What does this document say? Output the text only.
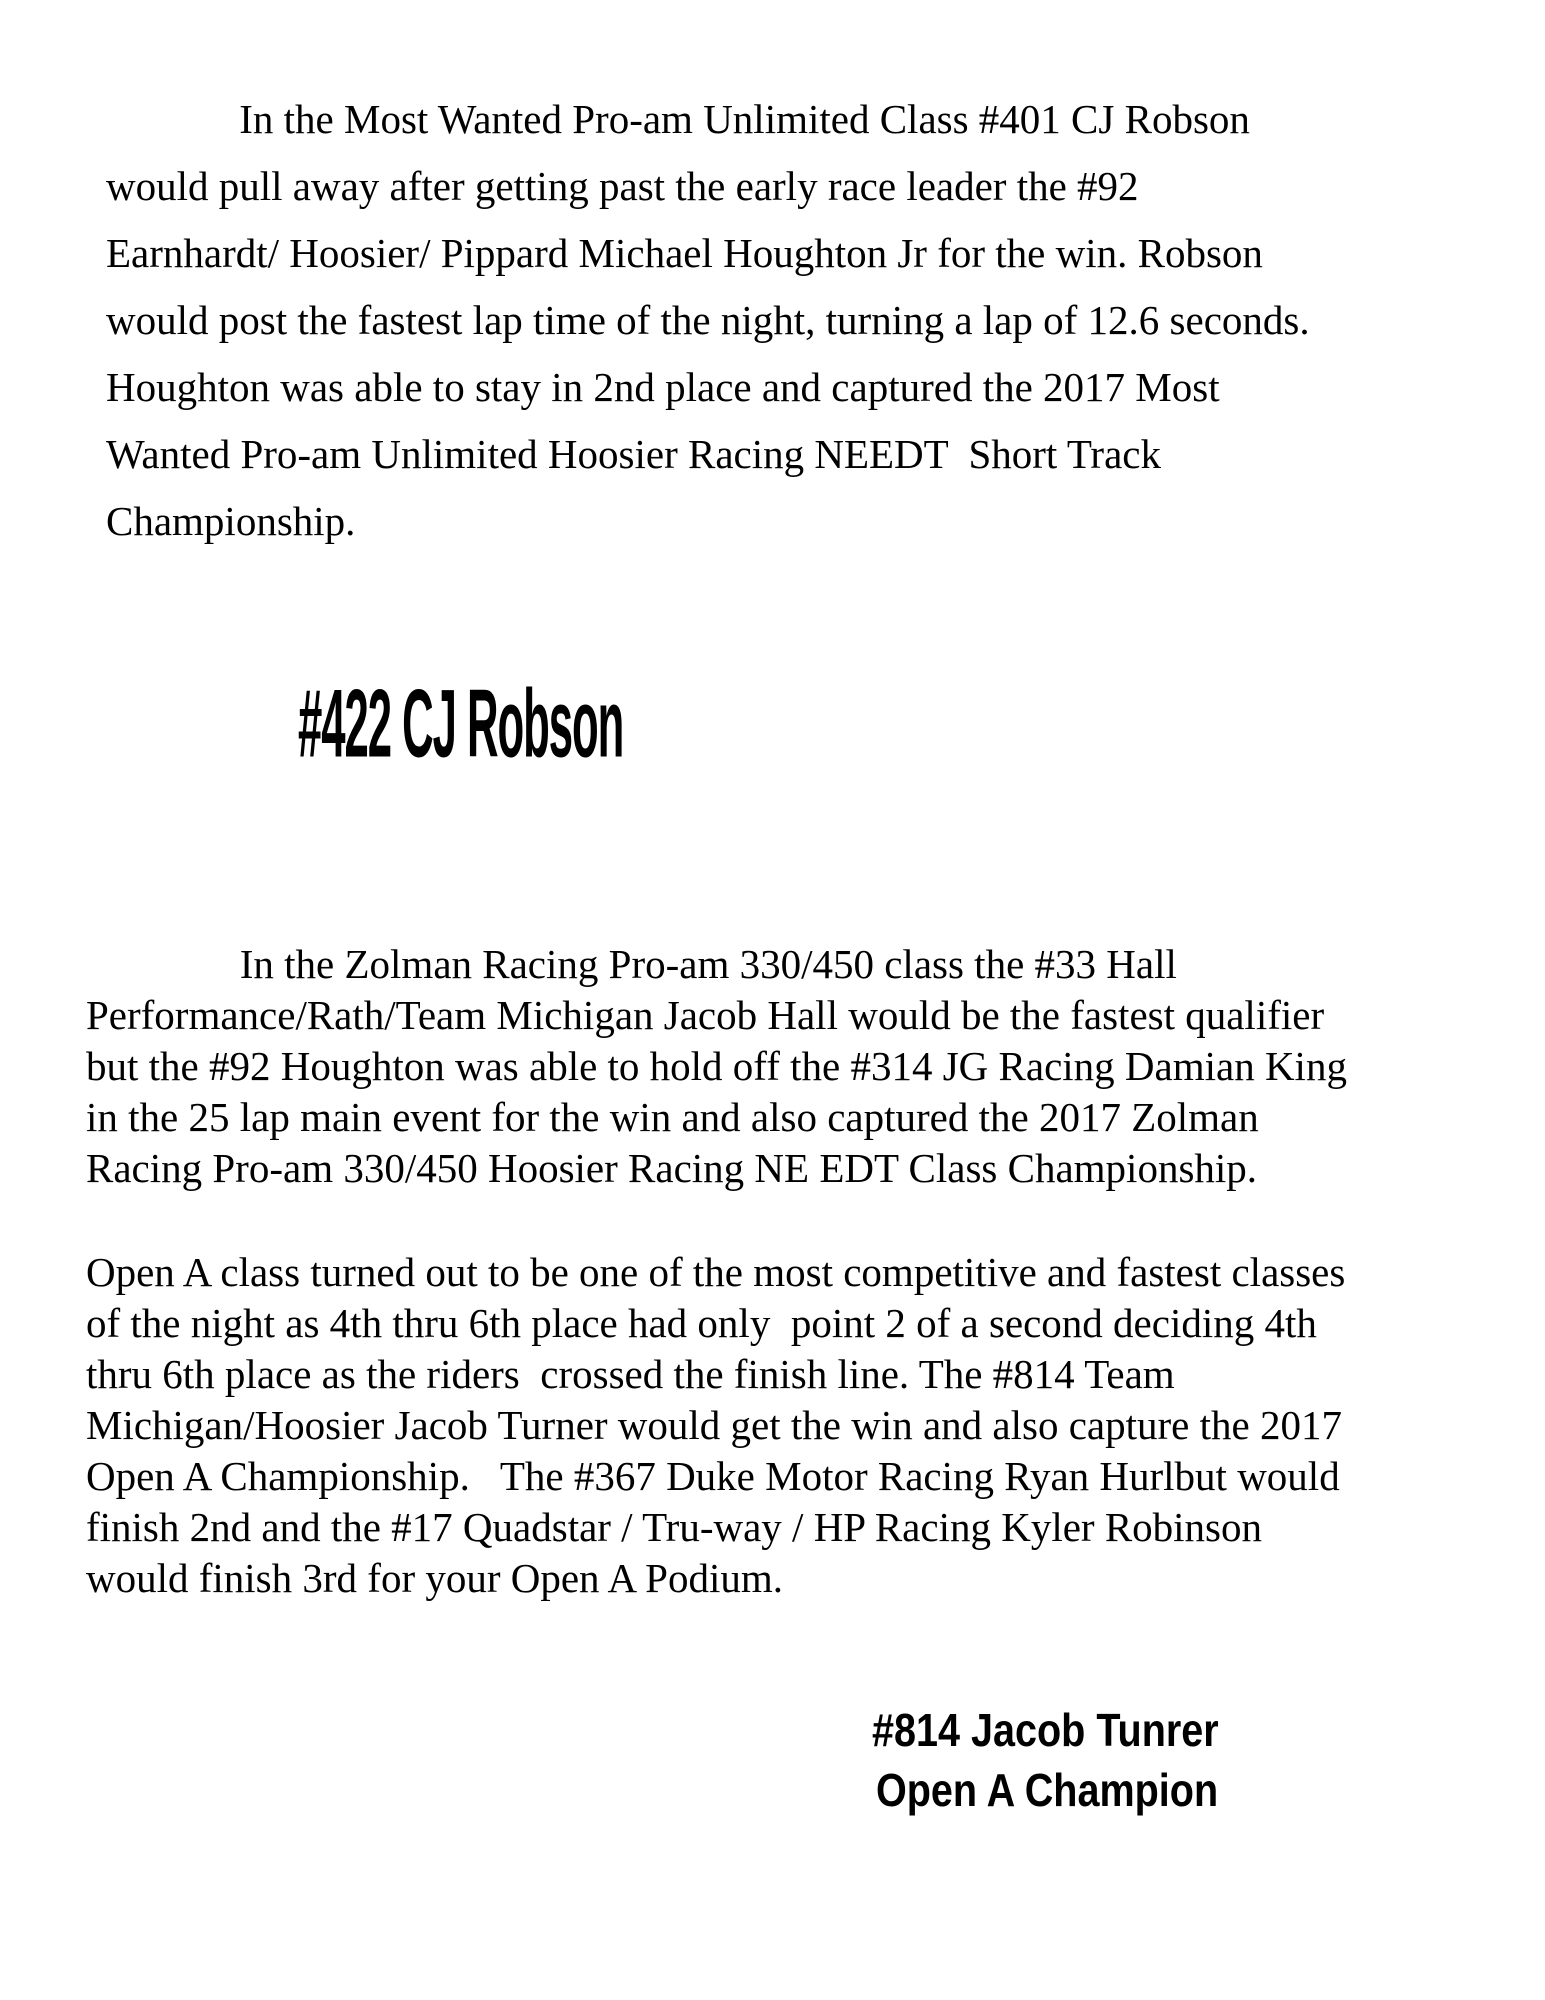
In the Most Wanted Pro-am Unlimited Class #401 CJ Robson
would pull away after getting past the early race leader the #92
Earnhardt/ Hoosier/ Pippard Michael Houghton Jr for the win. Robson
would post the fastest lap time of the night, turning a lap of 12.6 seconds.
Houghton was able to stay in 2nd place and captured the 2017 Most
Wanted Pro-am Unlimited Hoosier Racing NEEDT  Short Track
Championship.

#422 CJ Robson

In the Zolman Racing Pro-am 330/450 class the #33 Hall
Performance/Rath/Team Michigan Jacob Hall would be the fastest qualifier
but the #92 Houghton was able to hold off the #314 JG Racing Damian King
in the 25 lap main event for the win and also captured the 2017 Zolman
Racing Pro-am 330/450 Hoosier Racing NE EDT Class Championship.

Open A class turned out to be one of the most competitive and fastest classes
of the night as 4th thru 6th place had only  point 2 of a second deciding 4th
thru 6th place as the riders  crossed the finish line. The #814 Team
Michigan/Hoosier Jacob Turner would get the win and also capture the 2017
Open A Championship.   The #367 Duke Motor Racing Ryan Hurlbut would
finish 2nd and the #17 Quadstar / Tru-way / HP Racing Kyler Robinson
would finish 3rd for your Open A Podium.

#814 Jacob Tunrer
Open A Champion
